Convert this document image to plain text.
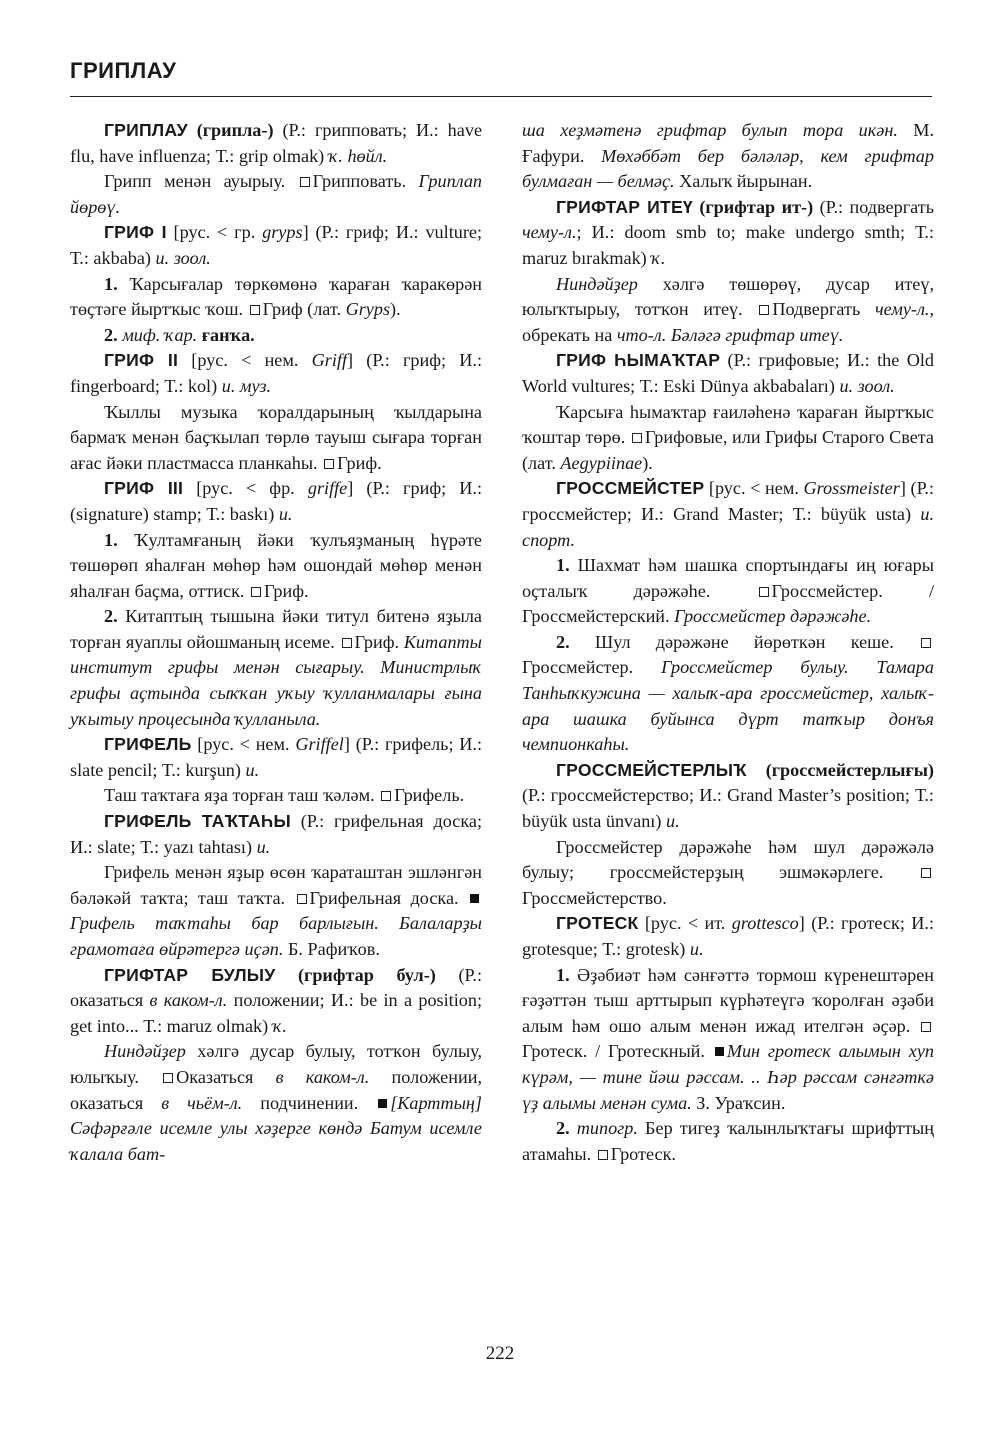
ГРИПЛАУ

ГРИПЛАУ (грипла-) (Р.: грипповать; И.: have flu, have influenza; Т.: grip olmak) ҡ. һөйл.

Грипп менән ауырыу. Грипповать. Гриплап йөрөү.

ГРИФ I [рус. < гр. gryps] (Р.: гриф; И.: vulture; Т.: akbaba) и. зоол.

1. Ҡарсығалар төркөмөнә ҡараған ҡаракөрән төҫтәге йыртҡыс ҡош. Гриф (лат. Gryps).

2. миф. ҡар. ғанҡа.

ГРИФ II [рус. < нем. Griff] (Р.: гриф; И.: fingerboard; Т.: kol) и. муз.

Ҡыллы музыка ҡоралдарының ҡылдарына бармаҡ менән баҫҡылап төрлө тауыш сығара торған ағас йәки пластмасса планкаһы. Гриф.

ГРИФ III [рус. < фр. griffe] (Р.: гриф; И.: (signature) stamp; Т.: baskı) и.

1. Ҡултамғаның йәки ҡулъяҙманың һүрәте төшөрөп яһалған мөһөр һәм ошондай мөһөр менән яһалған баҫма, оттиск. Гриф.

2. Китаптың тышына йәки титул битенә яҙыла торған яуаплы ойошманың исеме. Гриф. Китапты институт грифы менән сығарыу. Министрлыҡ грифы аҫтында сыҡҡан уҡыу ҡулланмалары ғына уҡытыу процесында ҡулланыла.

ГРИФЕЛЬ [рус. < нем. Griffel] (Р.: грифель; И.: slate pencil; Т.: kurşun) и.

Таш таҡтаға яҙа торған таш ҡәләм. Грифель.

ГРИФЕЛЬ ТАҠТАҺЫ (Р.: грифельная доска; И.: slate; Т.: yazı tahtası) и.

Грифель менән яҙыр өсөн ҡараташтан эшләнгән бәләкәй таҡта; таш таҡта. Грифельная доска. Грифель таҡтаһы бар барлығын. Балаларҙы грамотаға өйрәтергә иҫәп. Б. Рафиҡов.

ГРИФТАР БУЛЫУ (грифтар бул-) (Р.: оказаться в каком-л. положении; И.: be in a position; get into... Т.: maruz olmak) ҡ.

Ниндәйҙер хәлгә дусар булыу, тотҡон булыу, юлыҡыу. Оказаться в каком-л. положении, оказаться в чьём-л. подчинении. [Карттың] Сәфәрғәле исемле улы хәҙерге көндә Батум исемле ҡалала бат-

ша хеҙмәтенә грифтар булып тора икән. М. Ғафури. Мөхәббәт бер бәләләр, кем грифтар булмаған — белмәҫ. Халыҡ йырынан.

ГРИФТАР ИТЕҮ (грифтар ит-) (Р.: подвергать чему-л.; И.: doom smb to; make undergo smth; Т.: maruz bırakmak) ҡ.

Ниндәйҙер хәлгә төшөрөү, дусар итеү, юлыҡтырыу, тотҡон итеү. Подвергать чему-л., обрекать на что-л. Бәләгә грифтар итеү.

ГРИФ ҺЫМАҠТАР (Р.: грифовые; И.: the Old World vultures; Т.: Eski Dünya akbabaları) и. зоол.

Ҡарсыға һымаҡтар ғаиләһенә ҡараған йыртҡыс ҡоштар төрө. Грифовые, или Грифы Старого Света (лат. Aegypiinae).

ГРОССМЕЙСТЕР [рус. < нем. Grossmeister] (Р.: гроссмейстер; И.: Grand Master; Т.: büyük usta) и. спорт.

1. Шахмат һәм шашка спортындағы иң юғары оҫталыҡ дәрәжәһе.	Гроссмейстер. / Гроссмейстерский. Гроссмейстер дәрәжәһе.

2. Шул дәрәжәне йөрөткән кеше. Гроссмейстер. Гроссмейстер булыу. Тамара Танһыҡкужина — халыҡ-ара гроссмейстер, халыҡ-ара шашка буйынса дүрт тапҡыр донъя чемпионкаһы.

ГРОССМЕЙСТЕРЛЫҠ (гроссмейстерлығы) (Р.: гроссмейстерство; И.: Grand Master’s position; Т.: büyük usta ünvanı) и.

Гроссмейстер дәрәжәһе һәм шул дәрәжәлә булыу; гроссмейстерҙың эшмәкәрлеге. Гроссмейстерство.

ГРОТЕСК [рус. < ит. grottesco] (Р.: гротеск; И.: grotesque; Т.: grotesk) и.

1. Әҙәбиәт һәм сәнғәттә тормош күренештәрен ғәҙәттән тыш арттырып күрһәтеүгә ҡоролған әҙәби алым һәм ошо алым менән ижад ителгән әҫәр. Гротеск. / Гротескный. Мин гротеск алымын хуп күрәм, — тине йәш рәссам. .. Һәр рәссам сәнғәткә үҙ алымы менән сума. З. Ураҡсин.

2. типогр. Бер тигеҙ ҡалынлыҡтағы шрифттың атамаһы. Гротеск.

222
